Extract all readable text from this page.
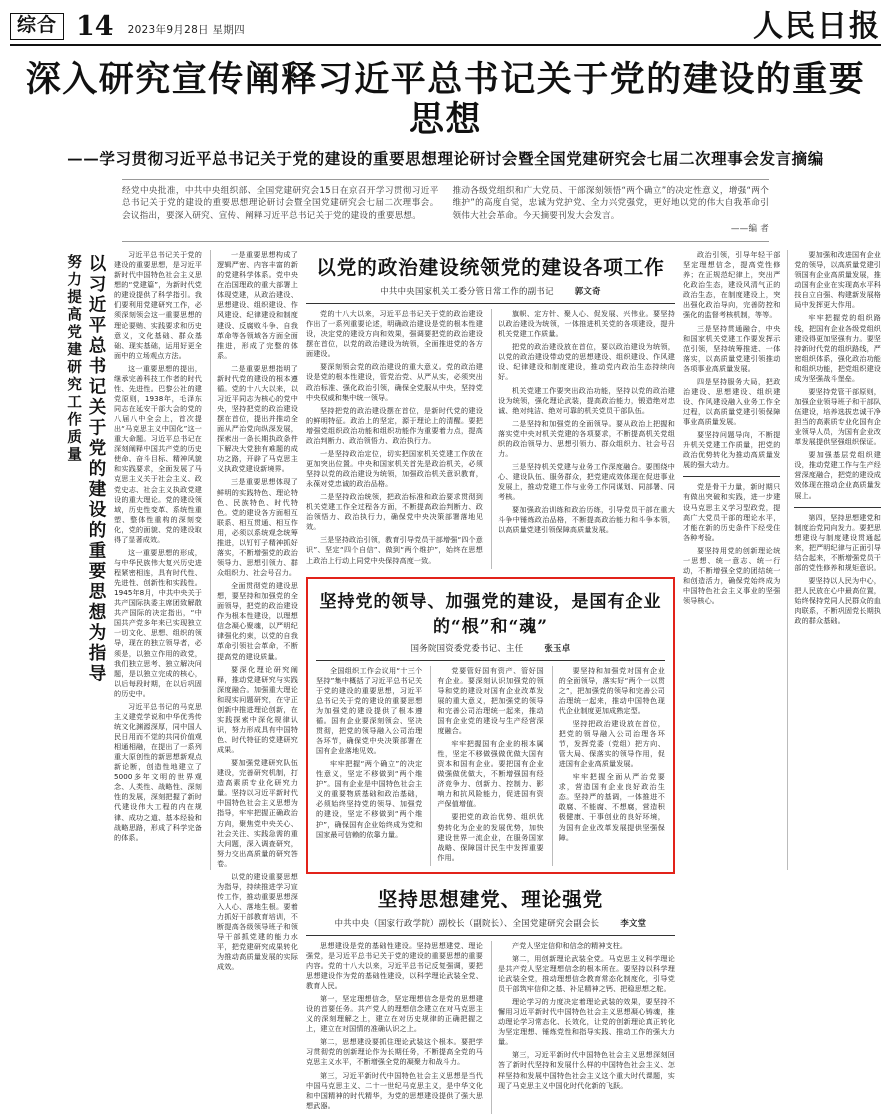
综合 14 2023年9月28日 星期四	人民日报
深入研究宣传阐释习近平总书记关于党的建设的重要思想
——学习贯彻习近平总书记关于党的建设的重要思想理论研讨会暨全国党建研究会七届二次理事会发言摘编
经党中央批准，中共中央组织部、全国党建研究会15日在京召开学习贯彻习近平总书记关于党的建设的重要思想理论研讨会暨全国党建研究会七届二次理事会。会议指出，要深入研究、宣传、阐释习近平总书记关于党的建设的重要思想。
推动各级党组织和广大党员、干部深刻领悟“两个确立”的决定性意义，增强“两个维护”的高度自觉，忠诚为党护党、全力兴党强党，更好地以党的伟大自我革命引领伟大社会革命。今天摘要刊发大会发言。
——编 者
以习近平总书记关于党的建设的重要思想为指导
努力提高党建研究工作质量	习近平总书记关于党的建设的重要思想，是习近平新时代中国特色社会主义思想的“党建篇”，为新时代党的建设提供了科学指引。我们要利用党建研究工作，必须深刻领会这一重要思想的理论要贿、实践要求和历史意义，文化基础、群众基础、现实基础，运用好更全面中的立场观点方法。

这一重要思想的提出，继承完善科技工作者的时代性、先进性。巴黎公社的建党原则，1938年，毛泽东同志在延安干部大会的党的八届八中全会上，首次提出“马克思主义中国化”这一重大命题。习近平总书记在深刻阐释中国共产党的历史使命、奋斗目标、精神风貌和实践要求，全面发展了马克思主义关于社会主义、政党史志、社会主义执政党建设的重大理论。党的建设领域，历史性变革、系统性重塑、整体性重构的深刻变化，党的面貌、党的建设取得了显著成效。

这一重要思想的形成，与中华民族伟大复兴历史进程紧密相连，具有时代性、先进性、创新性和实践性。1945年8月，中共中央关于共产国际执委主席团致解散共产国际的决定指出，“中国共产党多年来已实现独立一切文化、思想、组织的领导，现在的独立领导者，必须是，以独立作用的政党，我们独立思考、独立解决问题，是以独立完成的核心，以后每段时期，在以后巩固的历史中。

习近平总书记的马克思主义建党学说和中华优秀传统文化渊源深厚，同中国人民日用而不觉的共同价值观相通相融，在提出了一系列重大原创性的新思想新观点新论断，创造性地建立了5000多年文明的世界观念、人类性、战略性、深刻性的发展，深刻把握了新时代建设伟大工程的内在规律、成功之道、基本经验和战略思路，形成了科学完备的体系。

一是重要思想构成了逻辑严密、内容丰富的新的党建科学体系。党中央在治国理政的重大部署上体现党建，从政治建设、思想建设、组织建设、作风建设、纪律建设和制度建设、反腐败斗争、自我革命等各领域各方面全面推进，形成了完整的体系。

二是重要思想指明了新时代党的建设的根本遵循。党的十八大以来，以习近平同志为核心的党中央，坚持把党的政治建设摆在首位，提出并推动全面从严治党向纵深发展，探索出一条长期执政条件下解决大党独有难题的成功之路，开辟了马克思主义执政党建设新境界。

三是重要思想体现了鲜明的实践特色、理论特色、民族特色、时代特色。党的建设各方面相互联系、相互贯通、相互作用，必须以系统观念统筹推进，以钉钉子精神抓好落实，不断增强党的政治领导力、思想引领力、群众组织力、社会号召力。

全面贯彻党的建设思想，要坚持和加强党的全面领导，把党的政治建设作为根本性建设，以理想信念凝心聚魂，以严明纪律强化约束，以党的自我革命引领社会革命，不断提高党的建设质量。

要深化理论研究阐释，推动党建研究与实践深度融合。加强重大理论和现实问题研究，在守正创新中推进理论创新，在实践探索中深化规律认识，努力形成具有中国特色、时代特征的党建研究成果。

要加强党建研究队伍建设，完善研究机制，打造高素质专业化研究力量。坚持以习近平新时代中国特色社会主义思想为指导，牢牢把握正确政治方向，聚焦党中央关心、社会关注、实践急需的重大问题，深入调查研究，努力交出高质量的研究答卷。

以党的建设重要思想为指导，持续推进学习宣传工作，推动重要思想深入人心、落地生根。要着力抓好干部教育培训，不断提高各级领导班子和领导干部抓党建的能力水平，把党建研究成果转化为推动高质量发展的实际成效。

以党的政治建设统领党的建设各项工作
中共中央国家机关工委分管日常工作的副书记 郭文奇

党的十八大以来，习近平总书记关于党的政治建设作出了一系列重要论述，明确政治建设是党的根本性建设，决定党的建设方向和效果，强调要把党的政治建设摆在首位，以党的政治建设为统领，全面推进党的各方面建设。

要深刻领会党的政治建设的重大意义。党的政治建设是党的根本性建设，管党治党、从严从实，必须突出政治标准、强化政治引领，确保全党服从中央，坚持党中央权威和集中统一领导。

坚持把党的政治建设摆在首位，是新时代党的建设的鲜明特征。政治上的坚定，源于理论上的清醒。要把增强党组织政治功能和组织功能作为重要着力点，提高政治判断力、政治领悟力、政治执行力。

一是坚持政治定位，切实把国家机关党建工作放在更加突出位置。中央和国家机关首先是政治机关，必须坚持以党的政治建设为统领，加强政治机关意识教育，永葆对党忠诚的政治品格。

二是坚持政治统领，把政治标准和政治要求贯彻到机关党建工作全过程各方面，不断提高政治判断力、政治领悟力、政治执行力，确保党中央决策部署落地见效。

三是坚持政治引领，教育引导党员干部增强“四个意识”、坚定“四个自信”、做到“两个维护”，始终在思想上政治上行动上同党中央保持高度一致。

旗帜、定方针、聚人心、促发展、兴伟业。要坚持以政治建设为统领，一体推进机关党的各项建设，提升机关党建工作质量。

把党的政治建设放在首位，要以政治建设为统领，以党的政治建设带动党的思想建设、组织建设、作风建设、纪律建设和制度建设，推动党内政治生态持续向好。

机关党建工作要突出政治功能，坚持以党的政治建设为统领，强化理论武装，提高政治能力，锻造绝对忠诚、绝对纯洁、绝对可靠的机关党员干部队伍。

二是坚持和加强党的全面领导。要从政治上把握和落实党中央对机关党建的各项要求，不断提高机关党组织的政治领导力、思想引领力、群众组织力、社会号召力。

三是坚持机关党建与业务工作深度融合。要围绕中心、建设队伍、服务群众，把党建成效体现在促进事业发展上，推动党建工作与业务工作同谋划、同部署、同考核。

要加强政治训练和政治历练，引导党员干部在重大斗争中锤炼政治品格，不断提高政治能力和斗争本领，以高质量党建引领保障高质量发展。

坚持党的领导、加强党的建设，是国有企业的“根”和“魂”
国务院国资委党委书记、主任 张玉卓

全国组织工作会议用“十三个坚持”集中概括了习近平总书记关于党的建设的重要思想，习近平总书记关于党的建设的重要思想为加强党的建设提供了根本遵循。国有企业要深刻领会、坚决贯彻，把党的领导融入公司治理各环节，确保党中央决策部署在国有企业落地见效。

牢牢把握“两个确立”的决定性意义，坚定不移做到“两个维护”。国有企业是中国特色社会主义的重要物质基础和政治基础，必须始终坚持党的领导、加强党的建设，坚定不移做到“两个维护”，确保国有企业始终成为党和国家最可信赖的依靠力量。

党要管好国有资产、管好国有企业。要深刻认识加强党的领导和党的建设对国有企业改革发展的重大意义，把加强党的领导和完善公司治理统一起来，推动国有企业党的建设与生产经营深度融合。

牢牢把握国有企业的根本属性，坚定不移做强做优做大国有资本和国有企业。要把国有企业做强做优做大，不断增强国有经济竞争力、创新力、控制力、影响力和抗风险能力，促进国有资产保值增值。

要把党的政治优势、组织优势转化为企业的发展优势，加快建设世界一流企业，在服务国家战略、保障国计民生中发挥重要作用。

要坚持和加强党对国有企业的全面领导，落实好“两个一以贯之”，把加强党的领导和完善公司治理统一起来，推动中国特色现代企业制度更加成熟定型。

坚持把政治建设放在首位，把党的领导融入公司治理各环节，发挥党委（党组）把方向、管大局、保落实的领导作用，促进国有企业高质量发展。

牢牢把握全面从严治党要求，营造国有企业良好政治生态。坚持严的基调，一体推进不敢腐、不能腐、不想腐，营造积极健康、干事创业的良好环境，为国有企业改革发展提供坚强保障。

坚持思想建党、理论强党
中共中央（国家行政学院）副校长（副院长）、全国党建研究会副会长 李文堂

思想建设是党的基础性建设。坚持思想建党、理论强党，是习近平总书记关于党的建设的重要思想的重要内容。党的十八大以来，习近平总书记反复强调，要把思想建设作为党的基础性建设，以科学理论武装全党、教育人民。

第一，坚定理想信念，坚定理想信念是党的思想建设的首要任务。共产党人的理想信念建立在对马克思主义的深刻理解之上，建立在对历史规律的正确把握之上，建立在对国情的准确认识之上。

第二，思想建设要抓住理论武装这个根本。要把学习贯彻党的创新理论作为长期任务，不断提高全党的马克思主义水平，不断增强全党的凝聚力和战斗力。

第三，习近平新时代中国特色社会主义思想是当代中国马克思主义、二十一世纪马克思主义，是中华文化和中国精神的时代精华，为党的思想建设提供了强大思想武器。

产党人坚定信仰和信念的精神支柱。

第二，用创新理论武装全党。马克思主义科学理论是共产党人坚定理想信念的根本所在。要坚持以科学理论武装全党，推动理想信念教育常态化制度化，引导党员干部筑牢信仰之基、补足精神之钙、把稳思想之舵。

理论学习的力度决定着理论武装的效果，要坚持不懈用习近平新时代中国特色社会主义思想凝心铸魂，推动理论学习常态化、长效化，让党的创新理论真正转化为坚定理想、锤炼党性和指导实践、推动工作的强大力量。

第三，习近平新时代中国特色社会主义思想深刻回答了新时代坚持和发展什么样的中国特色社会主义、怎样坚持和发展中国特色社会主义这个重大时代课题，实现了马克思主义中国化时代化新的飞跃。

政治引领，引导年轻干部坚定理想信念，提高党性修养；在正规范纪律上，突出严化政治生态，建设风清气正的政治生态，在制度建设上，突出强化政治导向，完善防控和强化的监督考核机制，等等。

三是坚持贯通融合，中央和国家机关党建工作要发挥示范引领，坚持统筹推进、一体落实，以高质量党建引领推动各项事业高质量发展。

四是坚持服务大局，把政治建设、思想建设、组织建设、作风建设融入业务工作全过程，以高质量党建引领保障事业高质量发展。

要坚持问题导向，不断提升机关党建工作质量，把党的政治优势转化为推动高质量发展的强大动力。

党是骨干力量，新时期只有做出突破和实践，进一步建设马克思主义学习型政党，提高广大党员干部的理论水平，才能在新的历史条件下经受住各种考验。

要坚持用党的创新理论统一思想、统一意志、统一行动，不断增强全党的团结统一和创造活力，确保党始终成为中国特色社会主义事业的坚强领导核心。

要加强和改进国有企业党的领导，以高质量党建引领国有企业高质量发展，推动国有企业在实现高水平科技自立自强、构建新发展格局中发挥更大作用。

牢牢把握党的组织路线，把国有企业各级党组织建设得更加坚强有力。要坚持新时代党的组织路线，严密组织体系，强化政治功能和组织功能，把党组织建设成为坚强战斗堡垒。

要坚持党管干部原则，加强企业领导班子和干部队伍建设，培养选拔忠诚干净担当的高素质专业化国有企业领导人员，为国有企业改革发展提供坚强组织保证。

要加强基层党组织建设，推动党建工作与生产经营深度融合，把党的建设成效体现在推动企业高质量发展上。

第四，坚持思想建党和制度治党同向发力。要把思想建设与制度建设贯通起来，把严明纪律与正面引导结合起来，不断增强党员干部的党性修养和规矩意识。

要坚持以人民为中心，把人民放在心中最高位置，始终保持党同人民群众的血肉联系，不断巩固党长期执政的群众基础。
